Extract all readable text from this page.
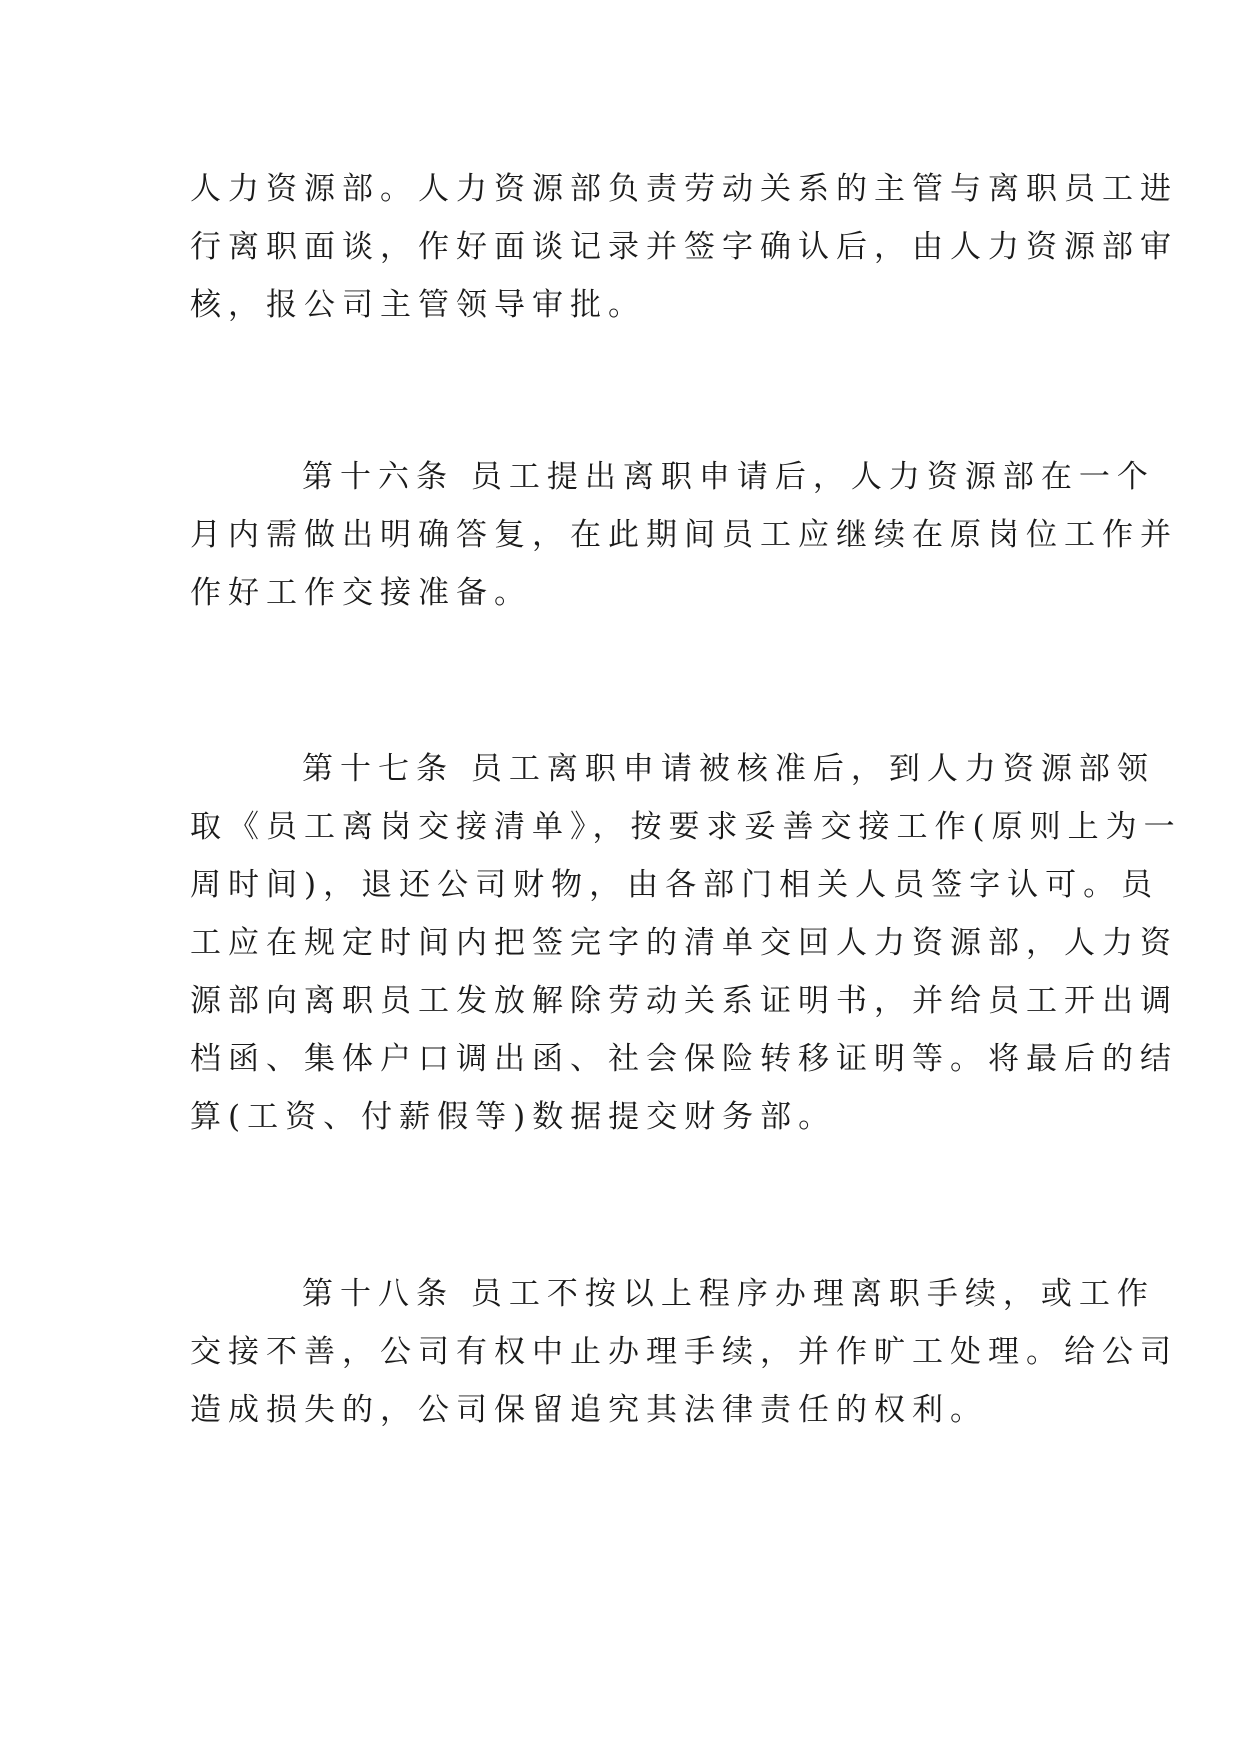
人力资源部。人力资源部负责劳动关系的主管与离职员工进
行离职面谈，作好面谈记录并签字确认后，由人力资源部审
核，报公司主管领导审批。
第十六条 员工提出离职申请后，人力资源部在一个
月内需做出明确答复，在此期间员工应继续在原岗位工作并
作好工作交接准备。
第十七条 员工离职申请被核准后，到人力资源部领
取《员工离岗交接清单》，按要求妥善交接工作(原则上为一
周时间)，退还公司财物，由各部门相关人员签字认可。员
工应在规定时间内把签完字的清单交回人力资源部，人力资
源部向离职员工发放解除劳动关系证明书，并给员工开出调
档函、集体户口调出函、社会保险转移证明等。将最后的结
算(工资、付薪假等)数据提交财务部。
第十八条 员工不按以上程序办理离职手续，或工作
交接不善，公司有权中止办理手续，并作旷工处理。给公司
造成损失的，公司保留追究其法律责任的权利。
